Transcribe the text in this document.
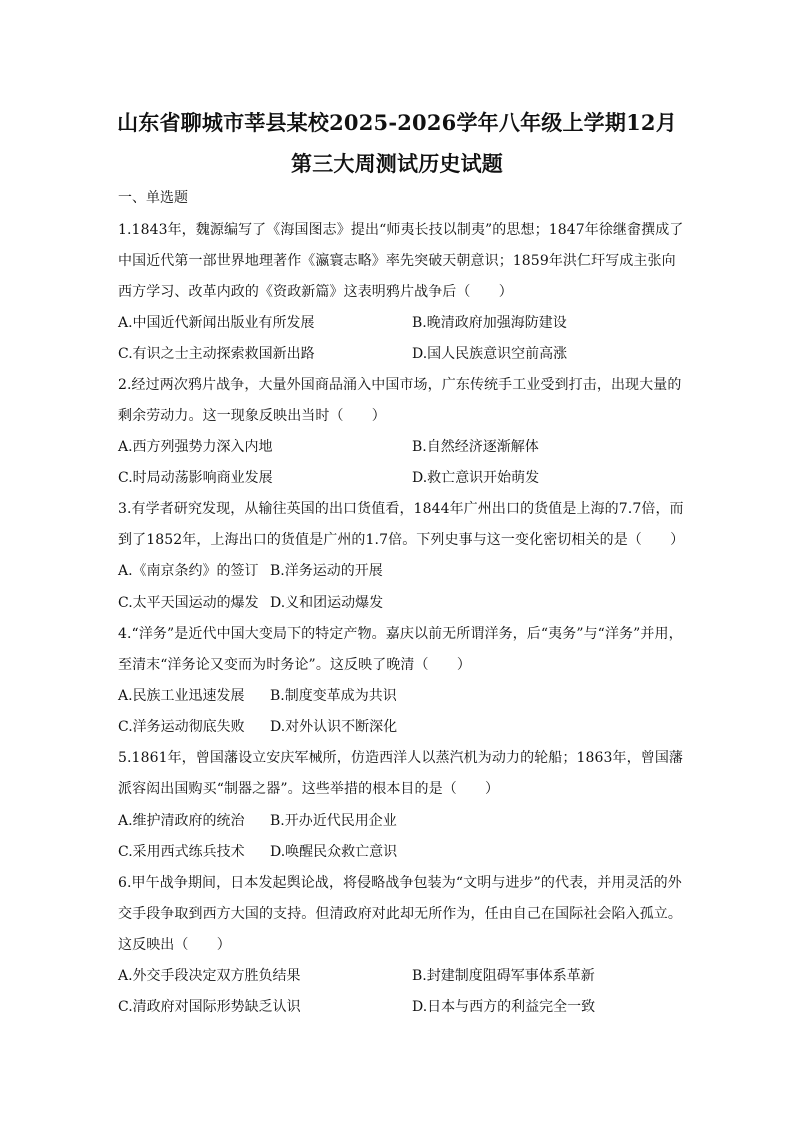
山东省聊城市莘县某校2025-2026学年八年级上学期12月
第三大周测试历史试题
一、单选题
1.1843年，魏源编写了《海国图志》提出“师夷长技以制夷”的思想；1847年徐继畲撰成了
中国近代第一部世界地理著作《瀛寰志略》率先突破天朝意识；1859年洪仁玕写成主张向
西方学习、改革内政的《资政新篇》这表明鸦片战争后（　　）
A.中国近代新闻出版业有所发展	B.晚清政府加强海防建设
C.有识之士主动探索救国新出路	D.国人民族意识空前高涨
2.经过两次鸦片战争，大量外国商品涌入中国市场，广东传统手工业受到打击，出现大量的
剩余劳动力。这一现象反映出当时（　　）
A.西方列强势力深入内地	B.自然经济逐渐解体
C.时局动荡影响商业发展	D.救亡意识开始萌发
3.有学者研究发现，从输往英国的出口货值看，1844年广州出口的货值是上海的7.7倍，而
到了1852年，上海出口的货值是广州的1.7倍。下列史事与这一变化密切相关的是（　　）
A.《南京条约》的签订 B.洋务运动的开展
C.太平天国运动的爆发 D.义和团运动爆发
4.“洋务”是近代中国大变局下的特定产物。嘉庆以前无所谓洋务，后“夷务”与“洋务”并用，
至清末“洋务论又变而为时务论”。这反映了晚清（　　）
A.民族工业迅速发展 B.制度变革成为共识
C.洋务运动彻底失败 D.对外认识不断深化
5.1861年，曾国藩设立安庆军械所，仿造西洋人以蒸汽机为动力的轮船；1863年，曾国藩
派容闳出国购买“制器之器”。这些举措的根本目的是（　　）
A.维护清政府的统治 B.开办近代民用企业
C.采用西式练兵技术 D.唤醒民众救亡意识
6.甲午战争期间，日本发起舆论战，将侵略战争包装为“文明与进步”的代表，并用灵活的外
交手段争取到西方大国的支持。但清政府对此却无所作为，任由自己在国际社会陷入孤立。
这反映出（　　）
A.外交手段决定双方胜负结果	B.封建制度阻碍军事体系革新
C.清政府对国际形势缺乏认识	D.日本与西方的利益完全一致
